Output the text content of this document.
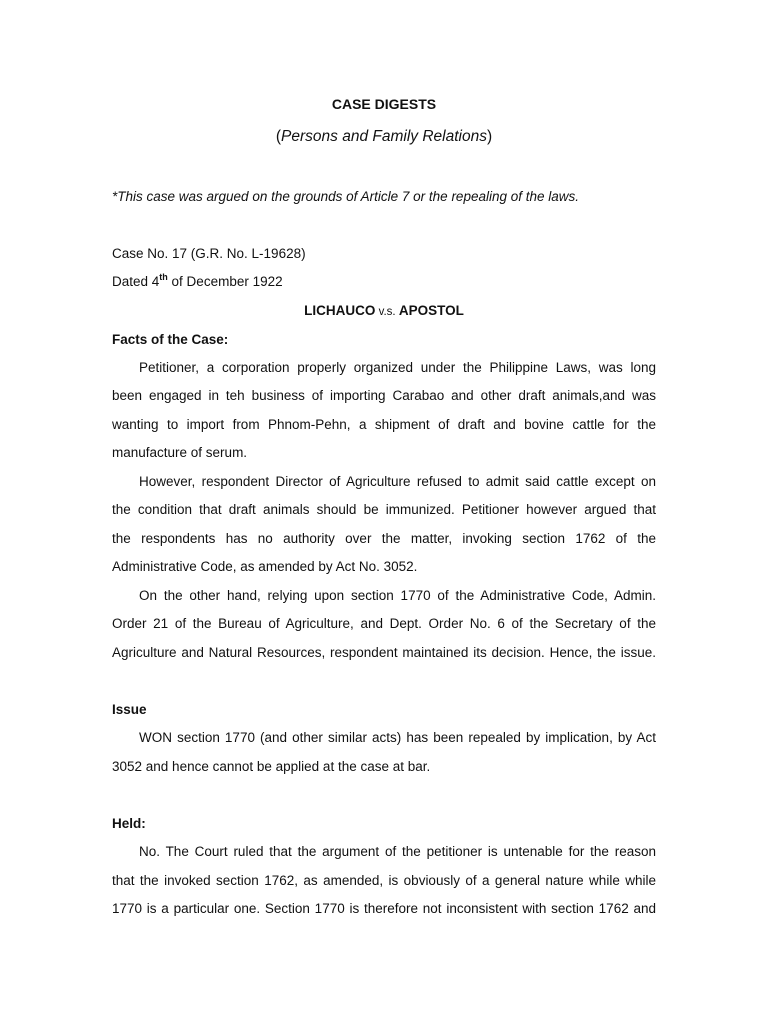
CASE DIGESTS
(Persons and Family Relations)
*This case was argued on the grounds of Article 7 or the repealing of the laws.
Case No. 17 (G.R. No. L-19628)
Dated 4th of December 1922
LICHAUCO v.s. APOSTOL
Facts of the Case:
Petitioner, a corporation properly organized under the Philippine Laws, was long
been engaged in teh business of importing Carabao and other draft animals,and was
wanting to import from Phnom-Pehn, a shipment of draft and bovine cattle for the
manufacture of serum.
However, respondent Director of Agriculture refused to admit said cattle except on
the condition that draft animals should be immunized. Petitioner however argued that
the respondents has no authority over the matter, invoking section 1762 of the
Administrative Code, as amended by Act No. 3052.
On the other hand, relying upon section 1770 of the Administrative Code, Admin.
Order 21 of the Bureau of Agriculture, and Dept. Order No. 6 of the Secretary of the
Agriculture and Natural Resources, respondent maintained its decision. Hence, the issue.
Issue
WON section 1770 (and other similar acts) has been repealed by implication, by Act
3052 and hence cannot be applied at the case at bar.
Held:
No. The Court ruled that the argument of the petitioner is untenable for the reason
that the invoked section 1762, as amended, is obviously of a general nature while while
1770 is a particular one. Section 1770 is therefore not inconsistent with section 1762 and
